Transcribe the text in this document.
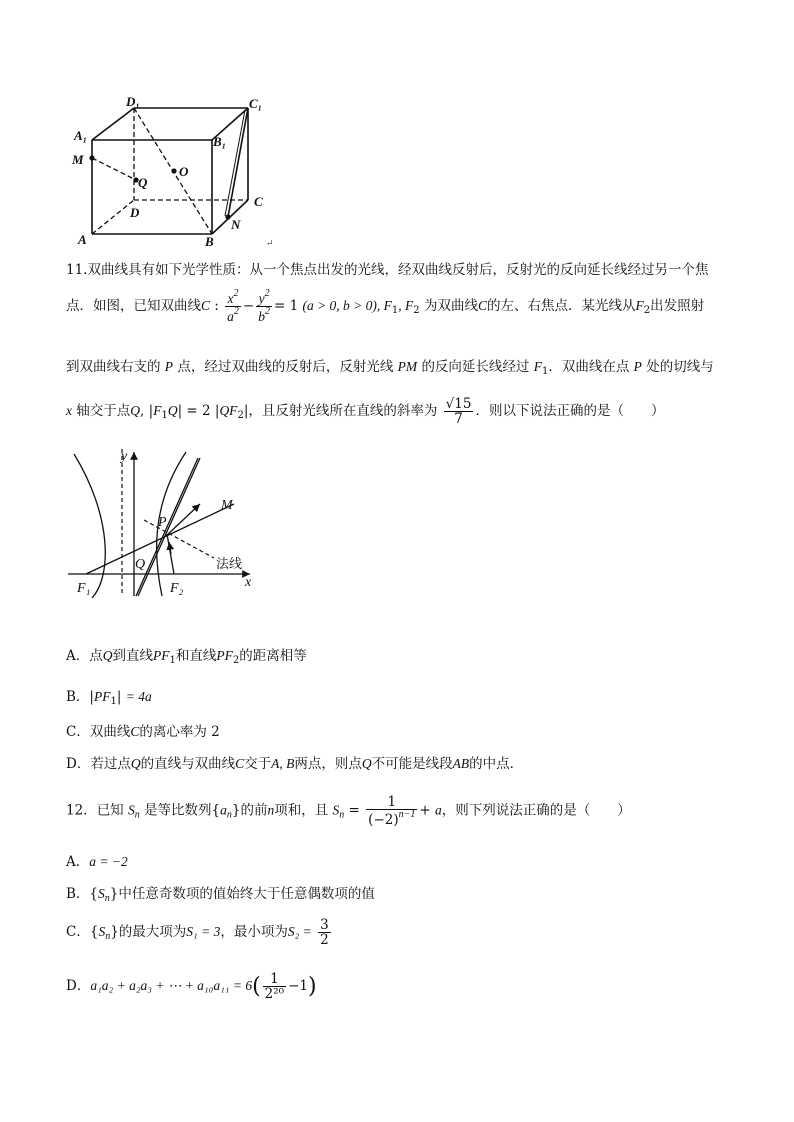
D₁	C₁
A₁	B₁
M
O
Q
D
C
A	B
N
↵
11.双曲线具有如下光学性质：从一个焦点出发的光线，经双曲线反射后，反射光的反向延长线经过另一个焦
点．如图，已知双曲线C : $\frac{x^2}{a^2} - \frac{y^2}{b^2} = 1$ (a > 0, b > 0), $F_1$, $F_2$ 为双曲线C的左、右焦点．某光线从$F_2$出发照射
到双曲线右支的 P 点，经过双曲线的反射后，反射光线 PM 的反向延长线经过 $F_1$．双曲线在点 P 处的切线与
x 轴交于点Q, $|F_1Q| = 2$ $|QF_2|$，且反射光线所在直线的斜率为 $\frac{√15}{7}$ ．则以下说法正确的是（　　）
y
x
P
M
Q
F₁	F₂
法线
A．点Q到直线$PF_1$和直线$PF_2$的距离相等
B．$|PF_1| = 4a$
C．双曲线C的离心率为 2
D．若过点Q的直线与双曲线C交于A, B两点，则点Q不可能是线段AB的中点．
12．已知 $S_n$ 是等比数列$\{a_n\}$的前n项和，且 $S_n = \frac{1}{(-2)^{n-1}} + a$，则下列说法正确的是（　　）
A．a = −2
B．$\{S_n\}$中任意奇数项的值始终大于任意偶数项的值
C．$\{S_n\}$的最大项为S₁ = 3，最小项为$S_2 = \frac{3}{2}$
D．a₁a₂ + a₂a₃ + ⋯ + $a_{10}a_{11} = 6( \frac{1}{\text{2²⁰}} -1)$
